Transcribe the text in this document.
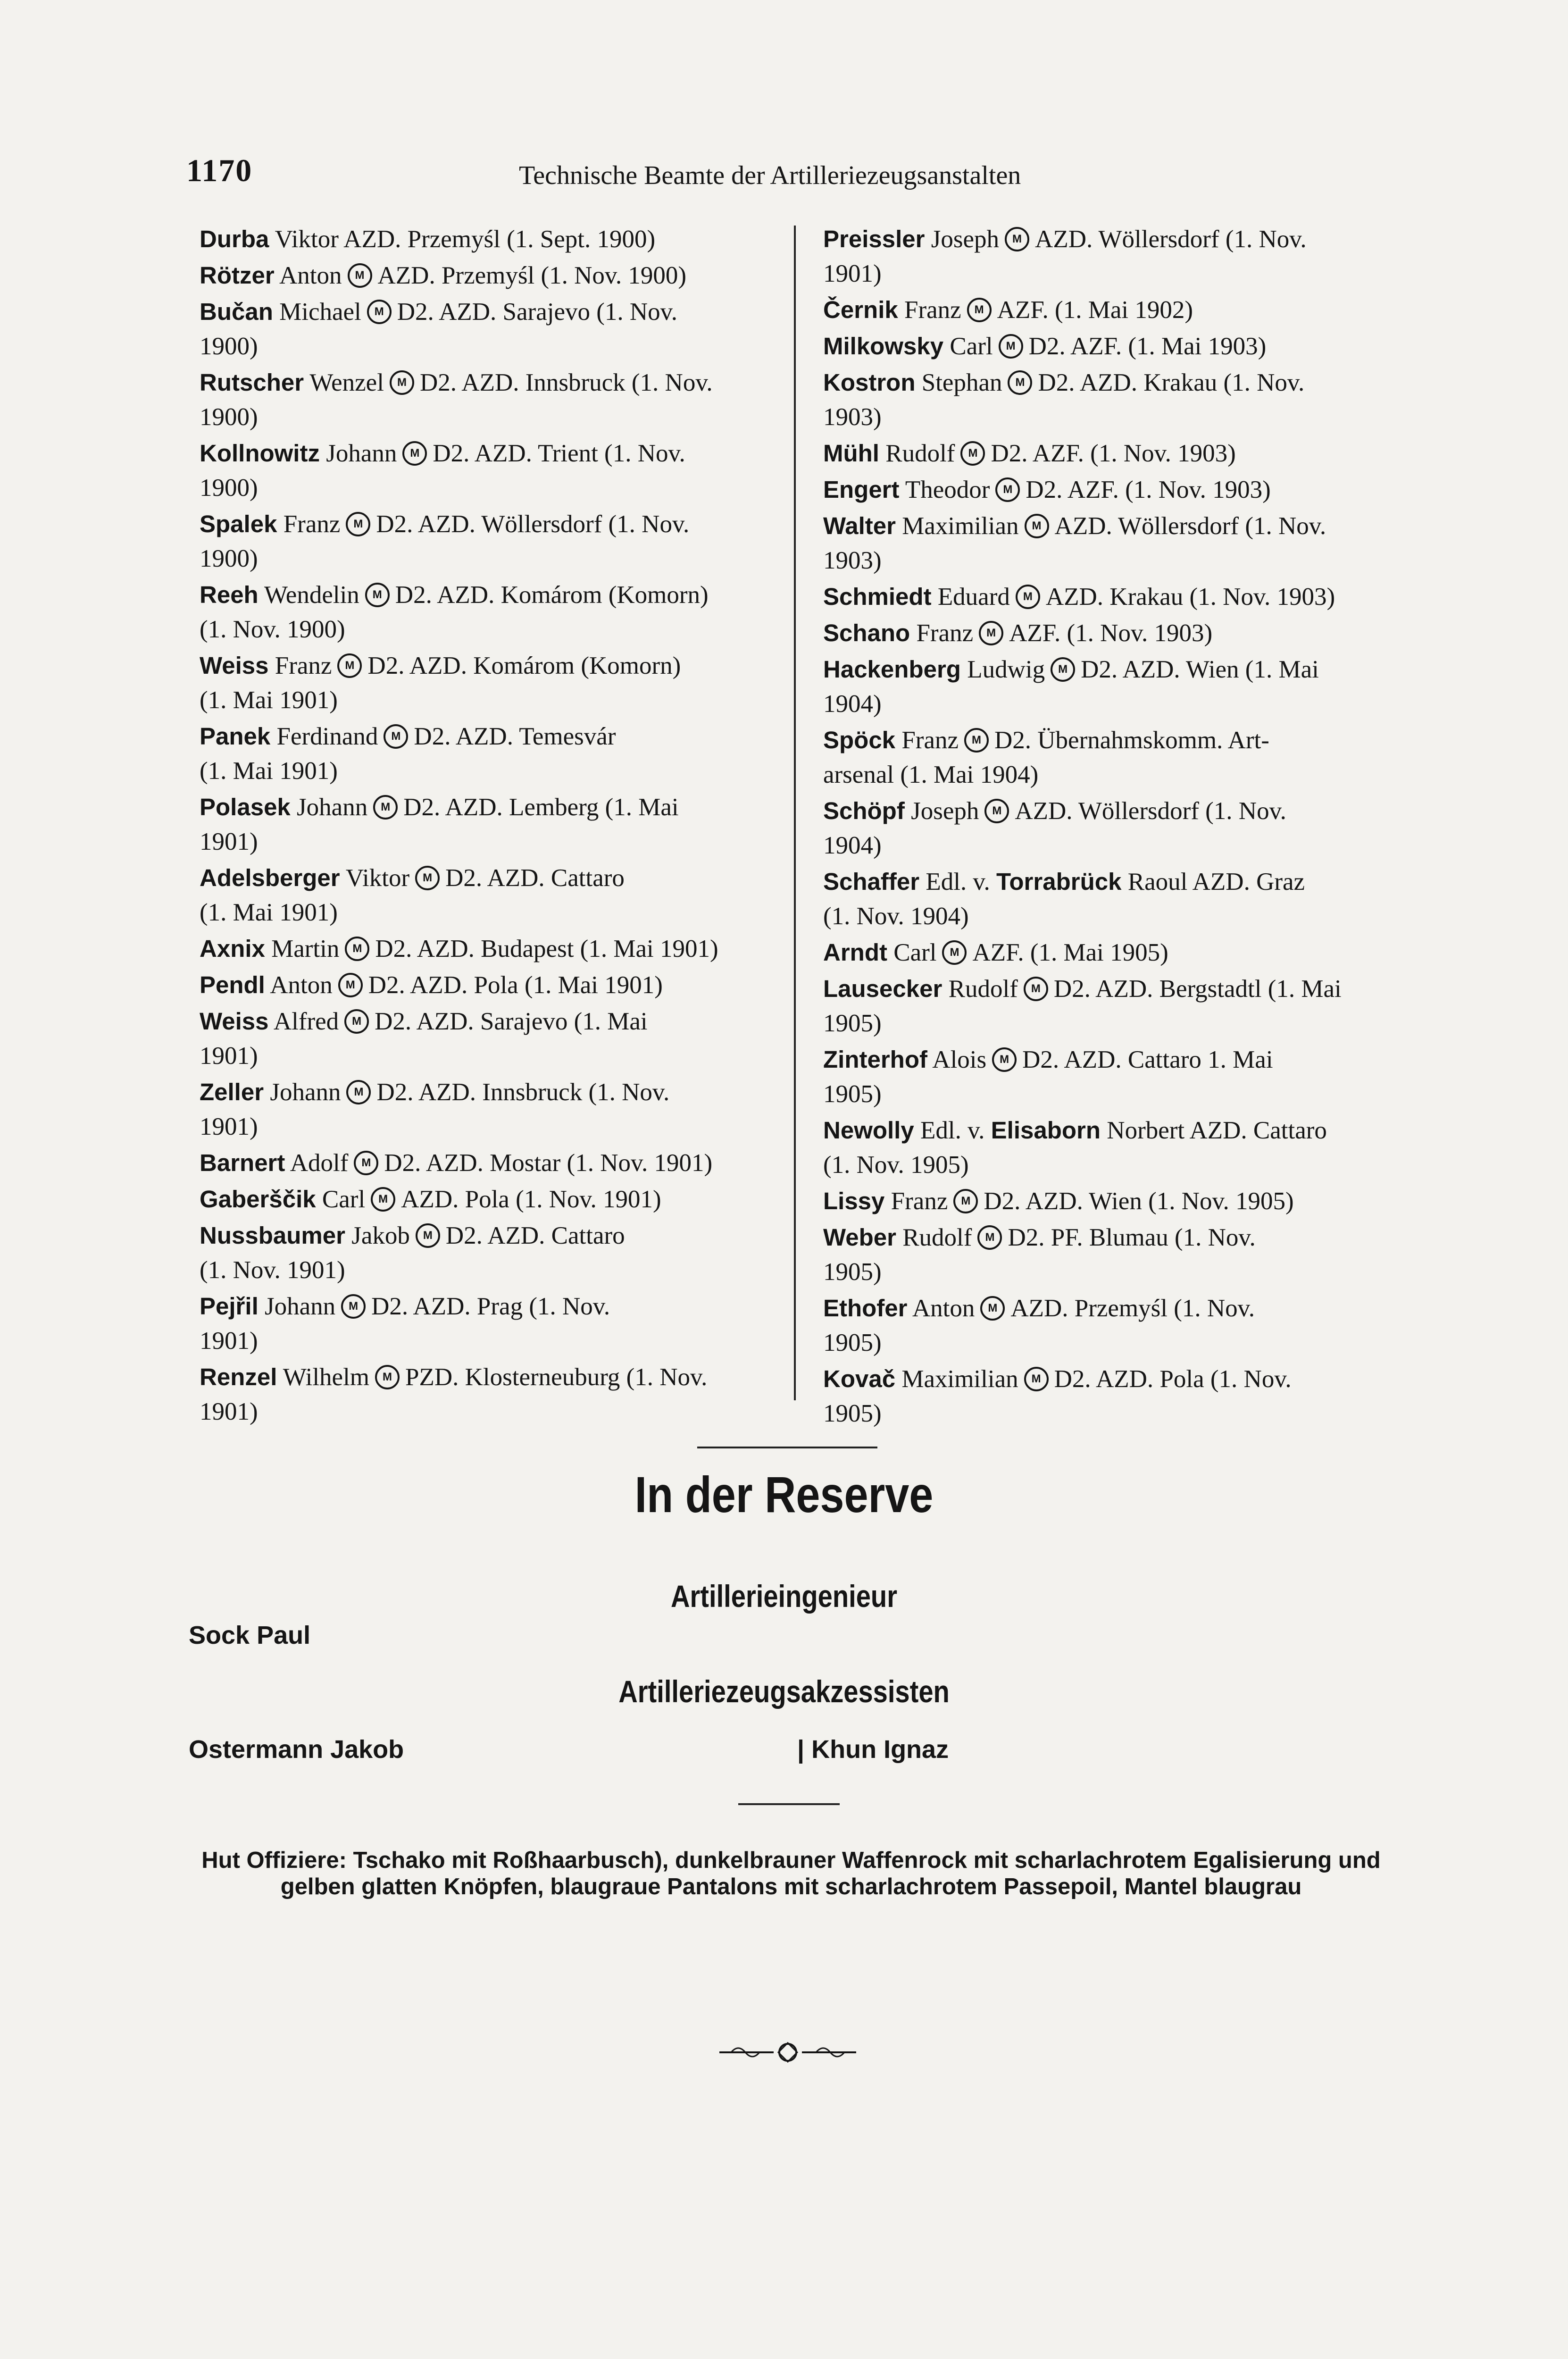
1170	Technische Beamte der Artilleriezeugsanstalten
Durba Viktor AZD. Przemyśl (1. Sept. 1900)
Rötzer Anton M AZD. Przemyśl (1. Nov. 1900)
Bučan Michael M D2. AZD. Sarajevo (1. Nov.
1900)
Rutscher Wenzel M D2. AZD. Innsbruck (1. Nov.
1900)
Kollnowitz Johann M D2. AZD. Trient (1. Nov.
1900)
Spalek Franz M D2. AZD. Wöllersdorf (1. Nov.
1900)
Reeh Wendelin M D2. AZD. Komárom (Komorn)
(1. Nov. 1900)
Weiss Franz M D2. AZD. Komárom (Komorn)
(1. Mai 1901)
Panek Ferdinand M D2. AZD. Temesvár
(1. Mai 1901)
Polasek Johann M D2. AZD. Lemberg (1. Mai
1901)
Adelsberger Viktor M D2. AZD. Cattaro
(1. Mai 1901)
Axnix Martin M D2. AZD. Budapest (1. Mai 1901)
Pendl Anton M D2. AZD. Pola (1. Mai 1901)
Weiss Alfred M D2. AZD. Sarajevo (1. Mai
1901)
Zeller Johann M D2. AZD. Innsbruck (1. Nov.
1901)
Barnert Adolf M D2. AZD. Mostar (1. Nov. 1901)
Gaberščik Carl M AZD. Pola (1. Nov. 1901)
Nussbaumer Jakob M D2. AZD. Cattaro
(1. Nov. 1901)
Pejřil Johann M D2. AZD. Prag (1. Nov.
1901)
Renzel Wilhelm M PZD. Klosterneuburg (1. Nov.
1901)
Preissler Joseph M AZD. Wöllersdorf (1. Nov.
1901)
Černik Franz M AZF. (1. Mai 1902)
Milkowsky Carl M D2. AZF. (1. Mai 1903)
Kostron Stephan M D2. AZD. Krakau (1. Nov.
1903)
Mühl Rudolf M D2. AZF. (1. Nov. 1903)
Engert Theodor M D2. AZF. (1. Nov. 1903)
Walter Maximilian M AZD. Wöllersdorf (1. Nov.
1903)
Schmiedt Eduard M AZD. Krakau (1. Nov. 1903)
Schano Franz M AZF. (1. Nov. 1903)
Hackenberg Ludwig M D2. AZD. Wien (1. Mai
1904)
Spöck Franz M D2. Übernahmskomm. Art-
arsenal (1. Mai 1904)
Schöpf Joseph M AZD. Wöllersdorf (1. Nov.
1904)
Schaffer Edl. v. Torrabrück Raoul AZD. Graz
(1. Nov. 1904)
Arndt Carl M AZF. (1. Mai 1905)
Lausecker Rudolf M D2. AZD. Bergstadtl (1. Mai
1905)
Zinterhof Alois M D2. AZD. Cattaro 1. Mai
1905)
Newolly Edl. v. Elisaborn Norbert AZD. Cattaro
(1. Nov. 1905)
Lissy Franz M D2. AZD. Wien (1. Nov. 1905)
Weber Rudolf M D2. PF. Blumau (1. Nov.
1905)
Ethofer Anton M AZD. Przemyśl (1. Nov.
1905)
Kovač Maximilian M D2. AZD. Pola (1. Nov.
1905)
In der Reserve
Artillerieingenieur
Sock Paul
Artilleriezeugsakzessisten
Ostermann Jakob	| Khun Ignaz
Hut Offiziere: Tschako mit Roßhaarbusch), dunkelbrauner Waffenrock mit scharlachrotem Egalisierung und gelben glatten Knöpfen, blaugraue Pantalons mit scharlachrotem Passepoil, Mantel blaugrau
